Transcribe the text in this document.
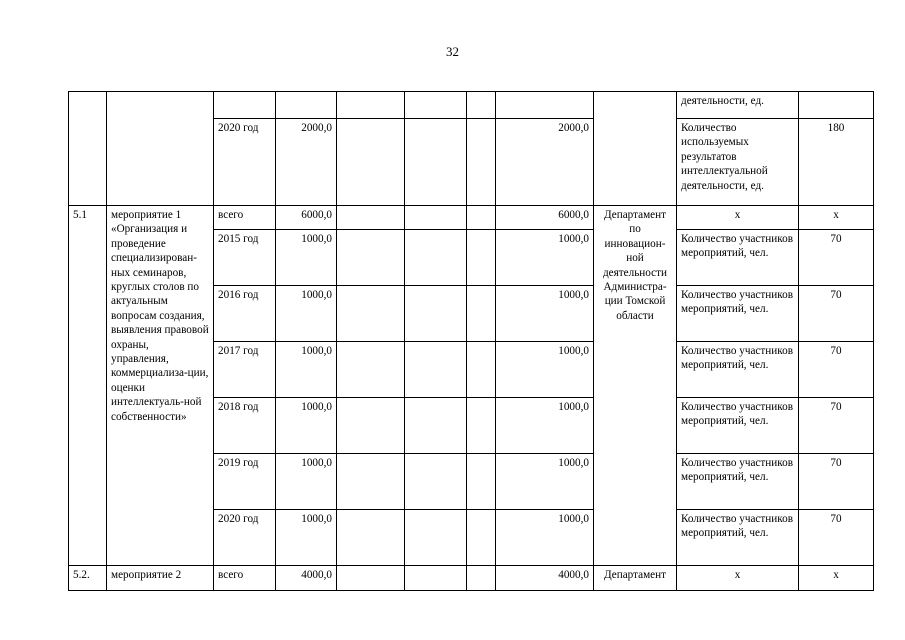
32
									деятельности, ед.	
		2020 год	2000,0				2000,0		Количество используемых результатов интеллектуальной деятельности, ед.	180
5.1	мероприятие 1 «Организация и проведение специализирован-ных семинаров, круглых столов по актуальным вопросам создания, выявления правовой охраны, управления, коммерциализа-ции, оценки интеллектуаль-ной собственности»	всего	6000,0				6000,0	Департамент по инновацион-ной деятельности Администра-ции Томской области	х	х
		2015 год	1000,0				1000,0		Количество участников мероприятий, чел.	70
		2016 год	1000,0				1000,0		Количество участников мероприятий, чел.	70
		2017 год	1000,0				1000,0		Количество участников мероприятий, чел.	70
		2018 год	1000,0				1000,0		Количество участников мероприятий, чел.	70
		2019 год	1000,0				1000,0		Количество участников мероприятий, чел.	70
		2020 год	1000,0				1000,0		Количество участников мероприятий, чел.	70
5.2.	мероприятие 2	всего	4000,0				4000,0	Департамент	х	х
